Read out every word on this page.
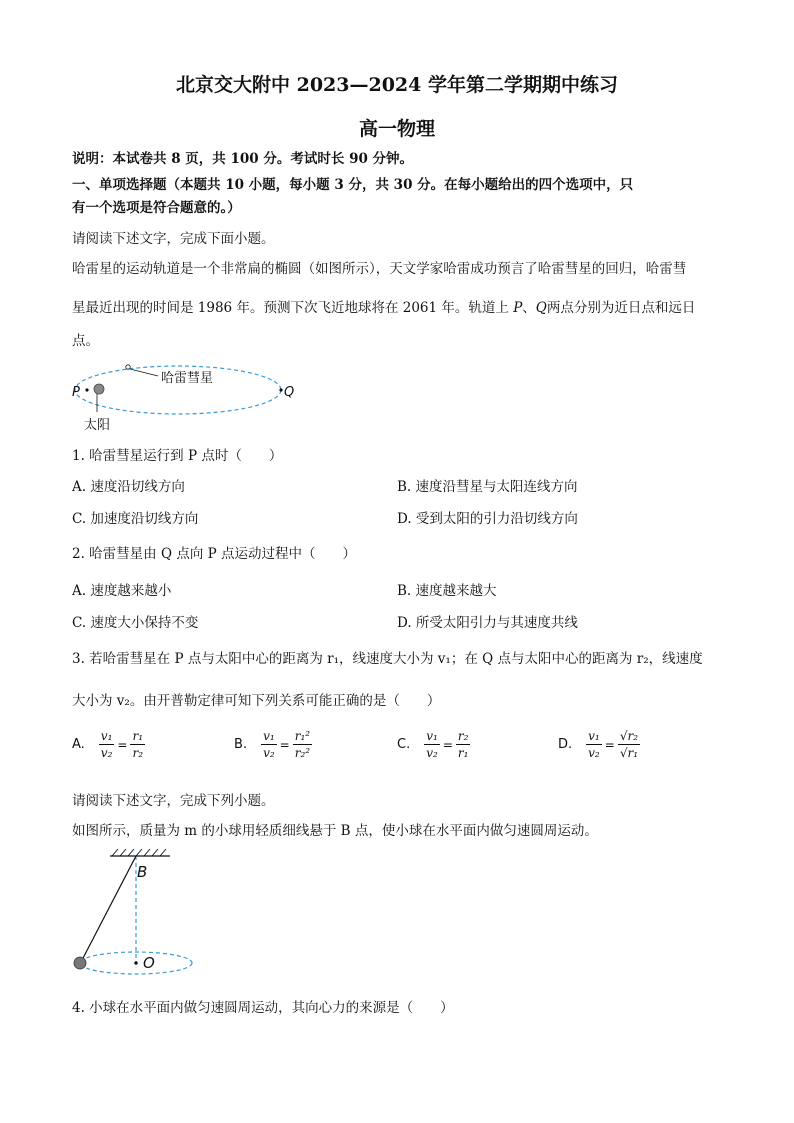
北京交大附中 2023—2024 学年第二学期期中练习
高一物理
说明：本试卷共 8 页，共 100 分。考试时长 90 分钟。
一、单项选择题（本题共 10 小题，每小题 3 分，共 30 分。在每小题给出的四个选项中，只
有一个选项是符合题意的。）
请阅读下述文字，完成下面小题。
哈雷星的运动轨道是一个非常扁的椭圆（如图所示），天文学家哈雷成功预言了哈雷彗星的回归，哈雷彗
星最近出现的时间是 1986 年。预测下次飞近地球将在 2061 年。轨道上 P、Q两点分别为近日点和远日
点。
哈雷彗星
太阳
P	Q
1. 哈雷彗星运行到 P 点时（　　）
A. 速度沿切线方向	B. 速度沿彗星与太阳连线方向
C. 加速度沿切线方向	D. 受到太阳的引力沿切线方向
2. 哈雷彗星由 Q 点向 P 点运动过程中（　　）
A. 速度越来越小	B. 速度越来越大
C. 速度大小保持不变	D. 所受太阳引力与其速度共线
3. 若哈雷彗星在 P 点与太阳中心的距离为 r₁，线速度大小为 v₁；在 Q 点与太阳中心的距离为 r₂，线速度
大小为 v₂。由开普勒定律可知下列关系可能正确的是（　　）
A. $\frac{\text{v₁}}{\text{v₂}} = \frac{\text{r₁}}{\text{r₂}}$	B. $\frac{\text{v₁}}{\text{v₂}} = \frac{\text{r₁²}}{\text{r₂²}}$	C. $\frac{\text{v₁}}{\text{v₂}} = \frac{\text{r₂}}{\text{r₁}}$	D. $\frac{\text{v₁}}{\text{v₂}} = \frac{\text{√r₂}}{\text{√r₁}}$
请阅读下述文字，完成下列小题。
如图所示，质量为 m 的小球用轻质细线悬于 B 点，使小球在水平面内做匀速圆周运动。
B
O
4. 小球在水平面内做匀速圆周运动，其向心力的来源是（　　）
